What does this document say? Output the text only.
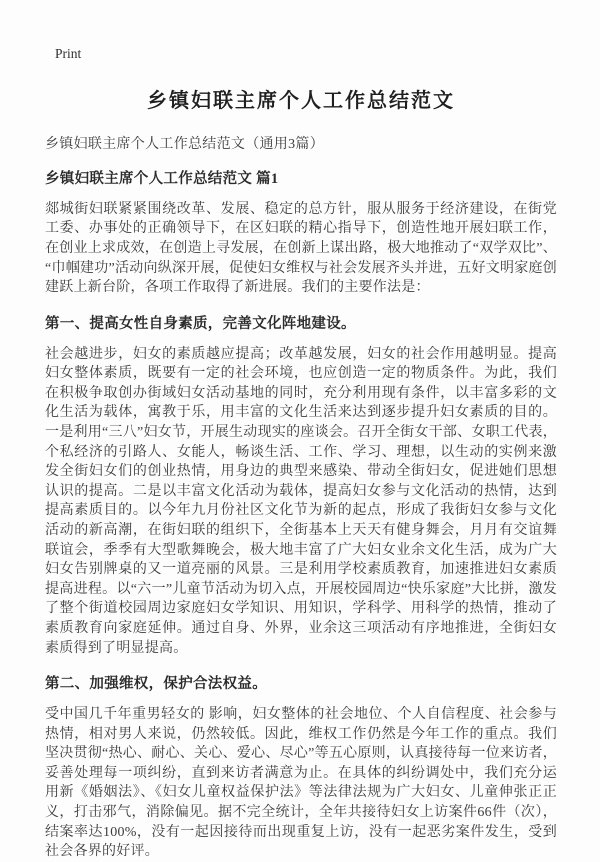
Print
乡镇妇联主席个人工作总结范文

乡镇妇联主席个人工作总结范文（通用3篇）

乡镇妇联主席个人工作总结范文 篇1

郯城街妇联紧紧围绕改革、发展、稳定的总方针，服从服务于经济建设，在街党工委、办事处的正确领导下，在区妇联的精心指导下，创造性地开展妇联工作，在创业上求成效，在创造上寻发展，在创新上谋出路，极大地推动了“双学双比”、“巾帼建功”活动向纵深开展，促使妇女维权与社会发展齐头并进，五好文明家庭创建跃上新台阶，各项工作取得了新进展。我们的主要作法是：

第一、提高女性自身素质，完善文化阵地建设。

社会越进步，妇女的素质越应提高；改革越发展，妇女的社会作用越明显。提高妇女整体素质，既要有一定的社会环境，也应创造一定的物质条件。为此，我们在积极争取创办街域妇女活动基地的同时，充分利用现有条件，以丰富多彩的文化生活为载体，寓教于乐，用丰富的文化生活来达到逐步提升妇女素质的目的。一是利用“三八”妇女节，开展生动现实的座谈会。召开全街女干部、女职工代表，个私经济的引路人、女能人，畅谈生活、工作、学习、理想，以生动的实例来激发全街妇女们的创业热情，用身边的典型来感染、带动全街妇女，促进她们思想认识的提高。二是以丰富文化活动为载体，提高妇女参与文化活动的热情，达到提高素质目的。以今年九月份社区文化节为新的起点，形成了我街妇女参与文化活动的新高潮，在街妇联的组织下，全街基本上天天有健身舞会，月月有交谊舞联谊会，季季有大型歌舞晚会，极大地丰富了广大妇女业余文化生活，成为广大妇女告别牌桌的又一道亮丽的风景。三是利用学校素质教育，加速推进妇女素质提高进程。以“六一”儿童节活动为切入点，开展校园周边“快乐家庭”大比拼，激发了整个街道校园周边家庭妇女学知识、用知识，学科学、用科学的热情，推动了素质教育向家庭延伸。通过自身、外界，业余这三项活动有序地推进，全街妇女素质得到了明显提高。

第二、加强维权，保护合法权益。

受中国几千年重男轻女的 影响，妇女整体的社会地位、个人自信程度、社会参与热情，相对男人来说，仍然较低。因此，维权工作仍然是今年工作的重点。我们坚决贯彻“热心、耐心、关心、爱心、尽心”等五心原则，认真接待每一位来访者，妥善处理每一项纠纷，直到来访者满意为止。在具体的纠纷调处中，我们充分运用新《婚姻法》、《妇女儿童权益保护法》等法律法规为广大妇女、儿童伸张正正义，打击邪气，消除偏见。据不完全统计，全年共接待妇女上访案件66件（次），结案率达100%，没有一起因接待而出现重复上访，没有一起恶劣案件发生，受到社会各界的好评。
